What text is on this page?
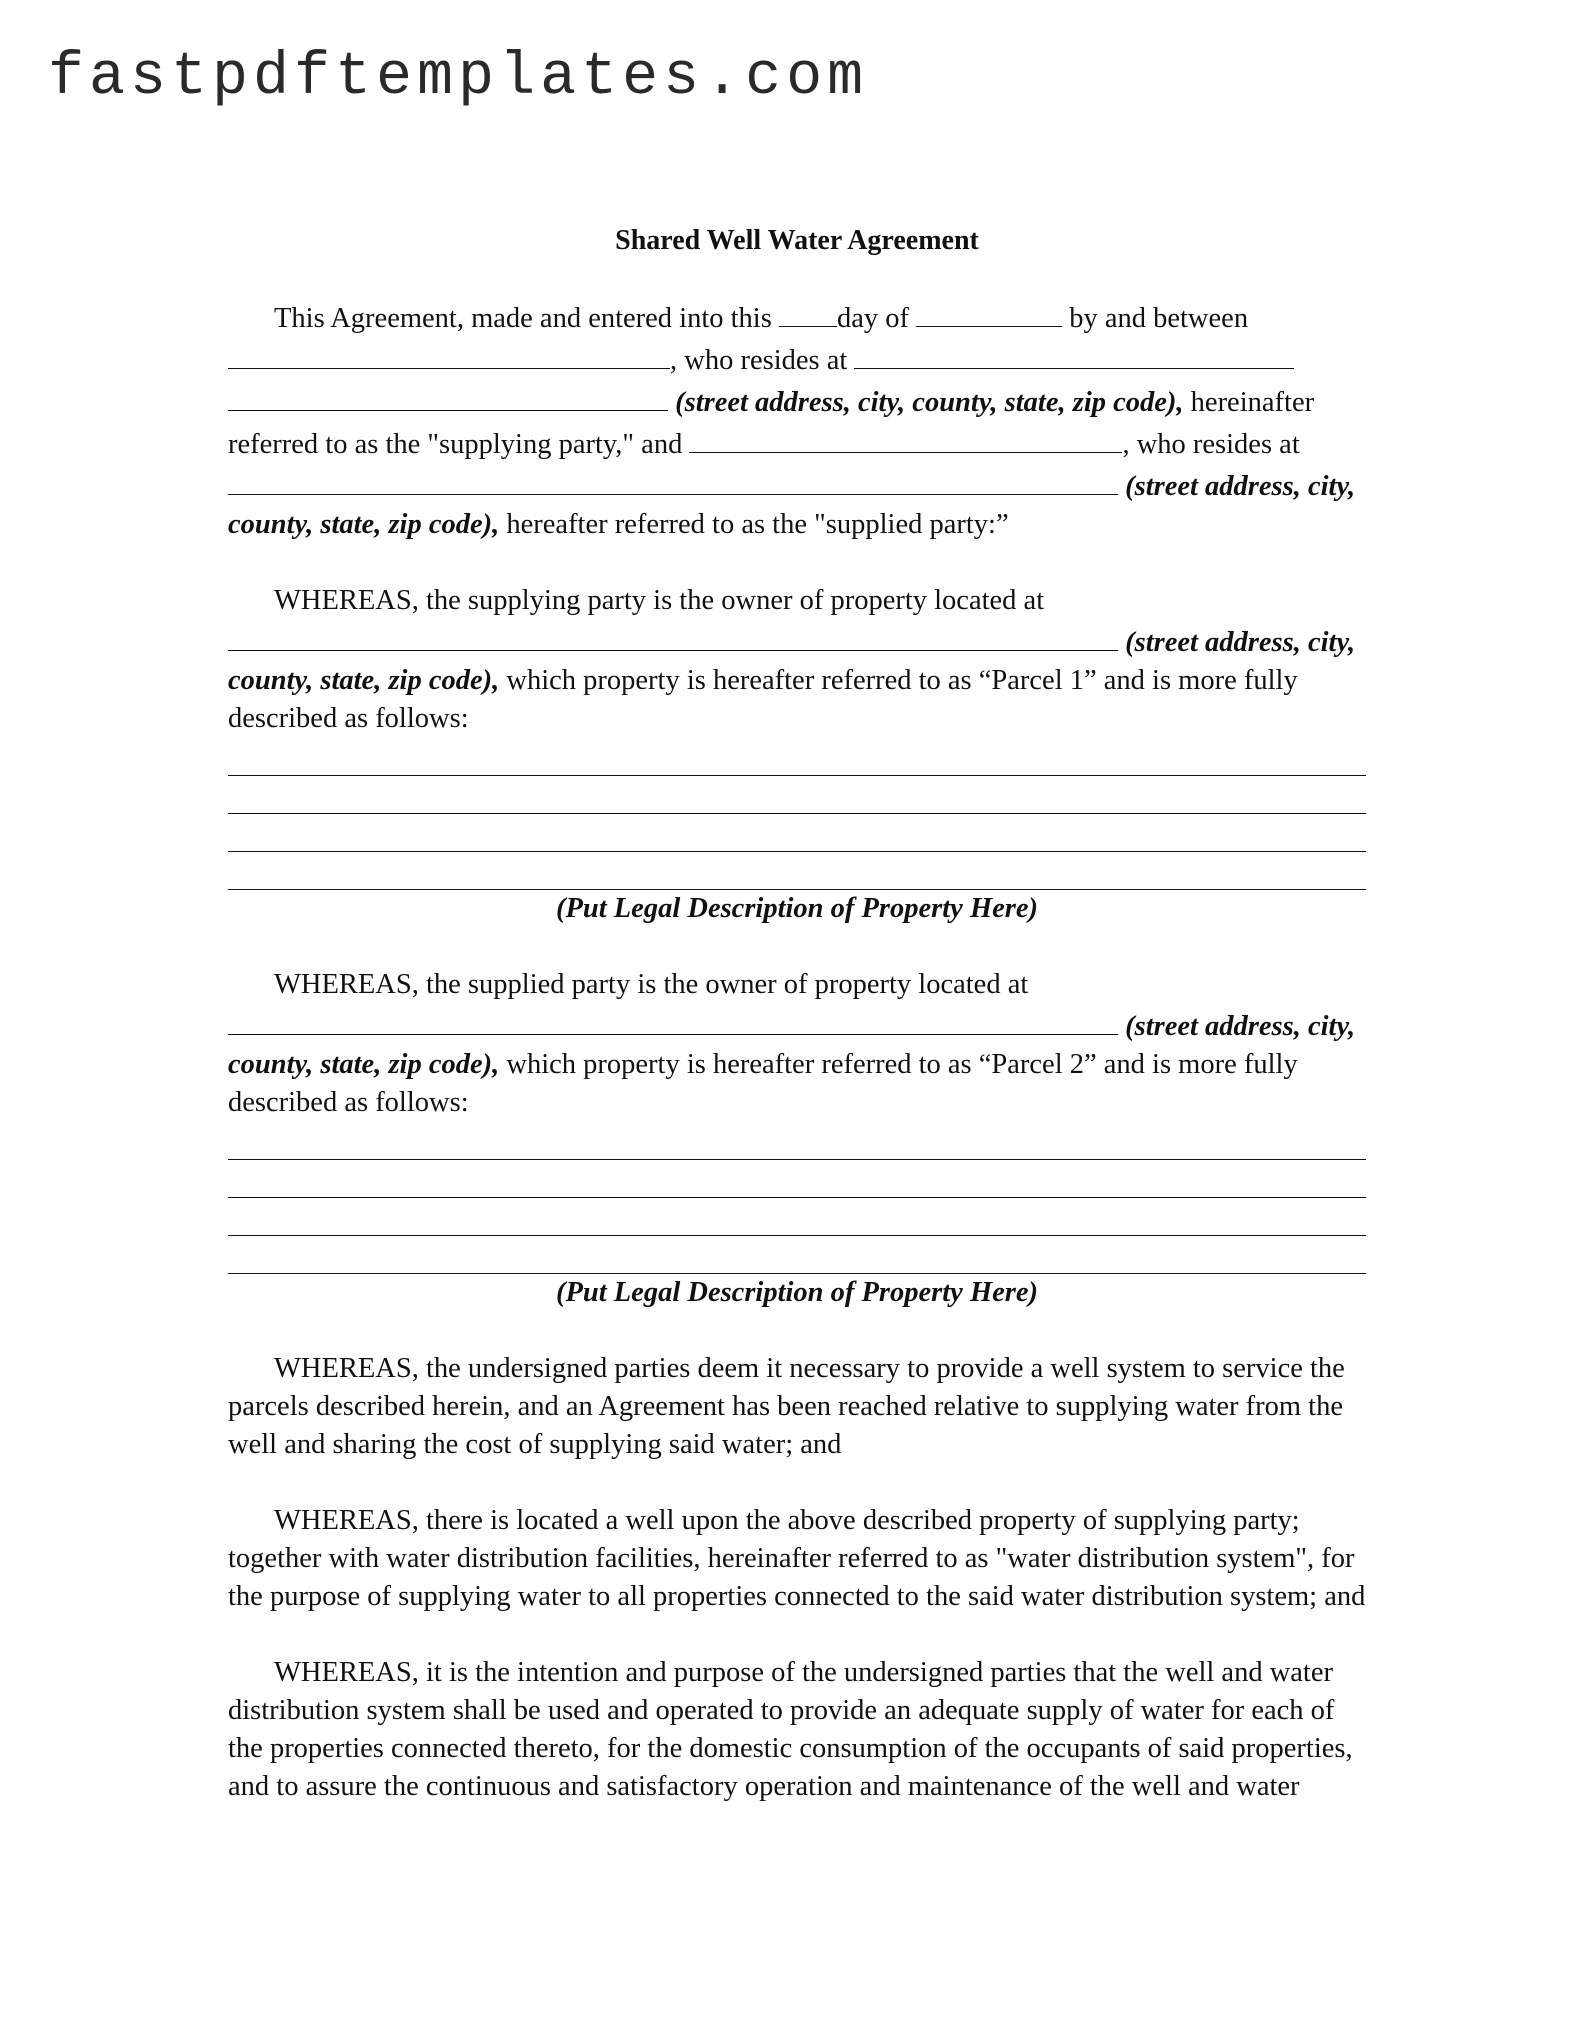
fastpdftemplates.com
Shared Well Water Agreement

This Agreement, made and entered into this day of	by and between

, who resides at
(street address, city, county, state, zip code), hereinafter
referred to as the "supplying party," and	, who resides at
(street address, city,

county, state, zip code), hereafter referred to as the "supplied party:”

WHEREAS, the supplying party is the owner of property located at
(street address, city,
county, state, zip code), which property is hereafter referred to as “Parcel 1” and is more fully
described as follows:
(Put Legal Description of Property Here)
WHEREAS, the supplied party is the owner of property located at
(street address, city,
county, state, zip code), which property is hereafter referred to as “Parcel 2” and is more fully
described as follows:
(Put Legal Description of Property Here)

WHEREAS, the undersigned parties deem it necessary to provide a well system to service the parcels described herein, and an Agreement has been reached relative to supplying water from the well and sharing the cost of supplying said water; and

WHEREAS, there is located a well upon the above described property of supplying party; together with water distribution facilities, hereinafter referred to as "water distribution system", for the purpose of supplying water to all properties connected to the said water distribution system; and

WHEREAS, it is the intention and purpose of the undersigned parties that the well and water distribution system shall be used and operated to provide an adequate supply of water for each of the properties connected thereto, for the domestic consumption of the occupants of said properties, and to assure the continuous and satisfactory operation and maintenance of the well and water
